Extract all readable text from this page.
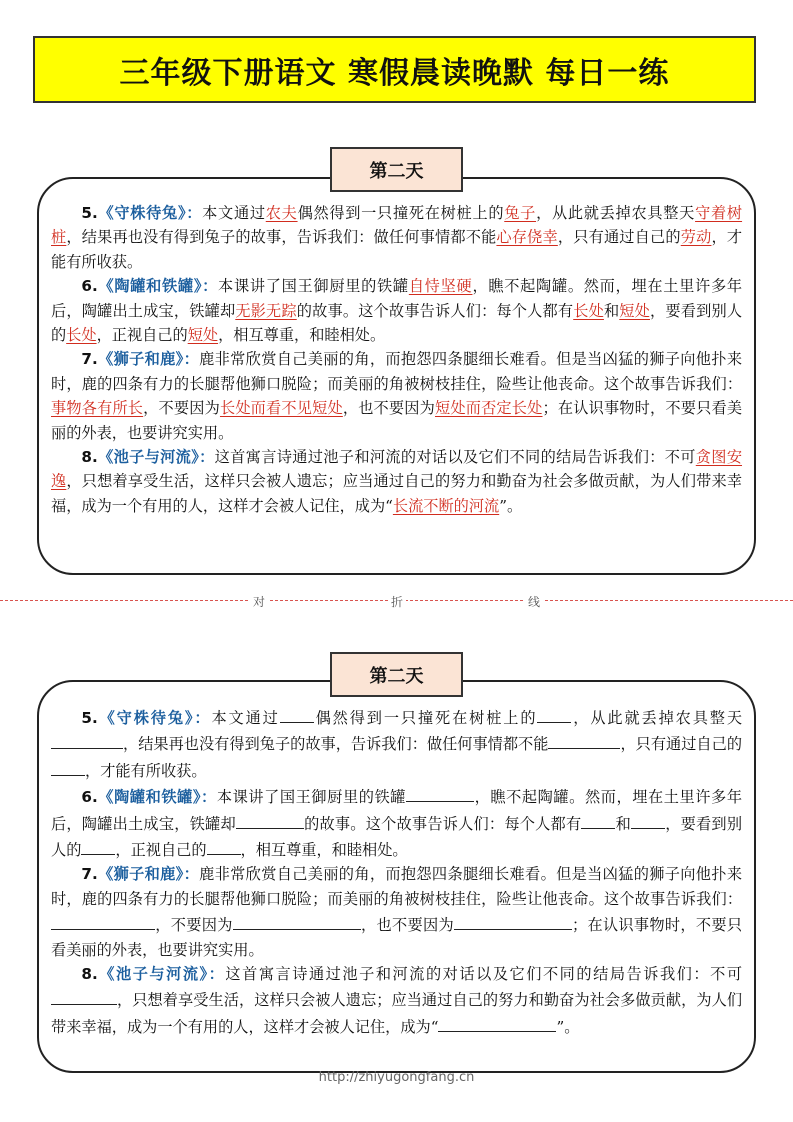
三年级下册语文 寒假晨读晚默 每日一练
第二天

5.《守株待兔》：本文通过农夫偶然得到一只撞死在树桩上的兔子，从此就丢掉农具整天守着树桩，结果再也没有得到兔子的故事，告诉我们：做任何事情都不能心存侥幸，只有通过自己的劳动，才能有所收获。

6.《陶罐和铁罐》：本课讲了国王御厨里的铁罐自恃坚硬，瞧不起陶罐。然而，埋在土里许多年后，陶罐出土成宝，铁罐却无影无踪的故事。这个故事告诉人们：每个人都有长处和短处，要看到别人的长处，正视自己的短处，相互尊重，和睦相处。

7.《狮子和鹿》：鹿非常欣赏自己美丽的角，而抱怨四条腿细长难看。但是当凶猛的狮子向他扑来时，鹿的四条有力的长腿帮他狮口脱险；而美丽的角被树枝挂住，险些让他丧命。这个故事告诉我们：事物各有所长，不要因为长处而看不见短处，也不要因为短处而否定长处；在认识事物时，不要只看美丽的外表，也要讲究实用。

8.《池子与河流》：这首寓言诗通过池子和河流的对话以及它们不同的结局告诉我们：不可贪图安逸，只想着享受生活，这样只会被人遗忘；应当通过自己的努力和勤奋为社会多做贡献，为人们带来幸福，成为一个有用的人，这样才会被人记住，成为“长流不断的河流”。

对	折	线
第二天

5.《守株待兔》：本文通过 偶然得到一只撞死在树桩上的 ，从此就丢掉农具整天，结果再也没有得到兔子的故事，告诉我们：做任何事情都不能	，只有通过自己的，才能有所收获。

6.《陶罐和铁罐》：本课讲了国王御厨里的铁罐	，瞧不起陶罐。然而，埋在土里许多年后，陶罐出土成宝，铁罐却	的故事。这个故事告诉人们：每个人都有 和 ，要看到别人的 ，正视自己的 ，相互尊重，和睦相处。

7.《狮子和鹿》：鹿非常欣赏自己美丽的角，而抱怨四条腿细长难看。但是当凶猛的狮子向他扑来时，鹿的四条有力的长腿帮他狮口脱险；而美丽的角被树枝挂住，险些让他丧命。这个故事告诉我们：，不要因为	，也不要因为	；在认识事物时，不要只看美丽的外表，也要讲究实用。

8.《池子与河流》：这首寓言诗通过池子和河流的对话以及它们不同的结局告诉我们：不可，只想着享受生活，这样只会被人遗忘；应当通过自己的努力和勤奋为社会多做贡献，为人们带来幸福，成为一个有用的人，这样才会被人记住，成为“	”。

http://zhiyugongfang.cn
